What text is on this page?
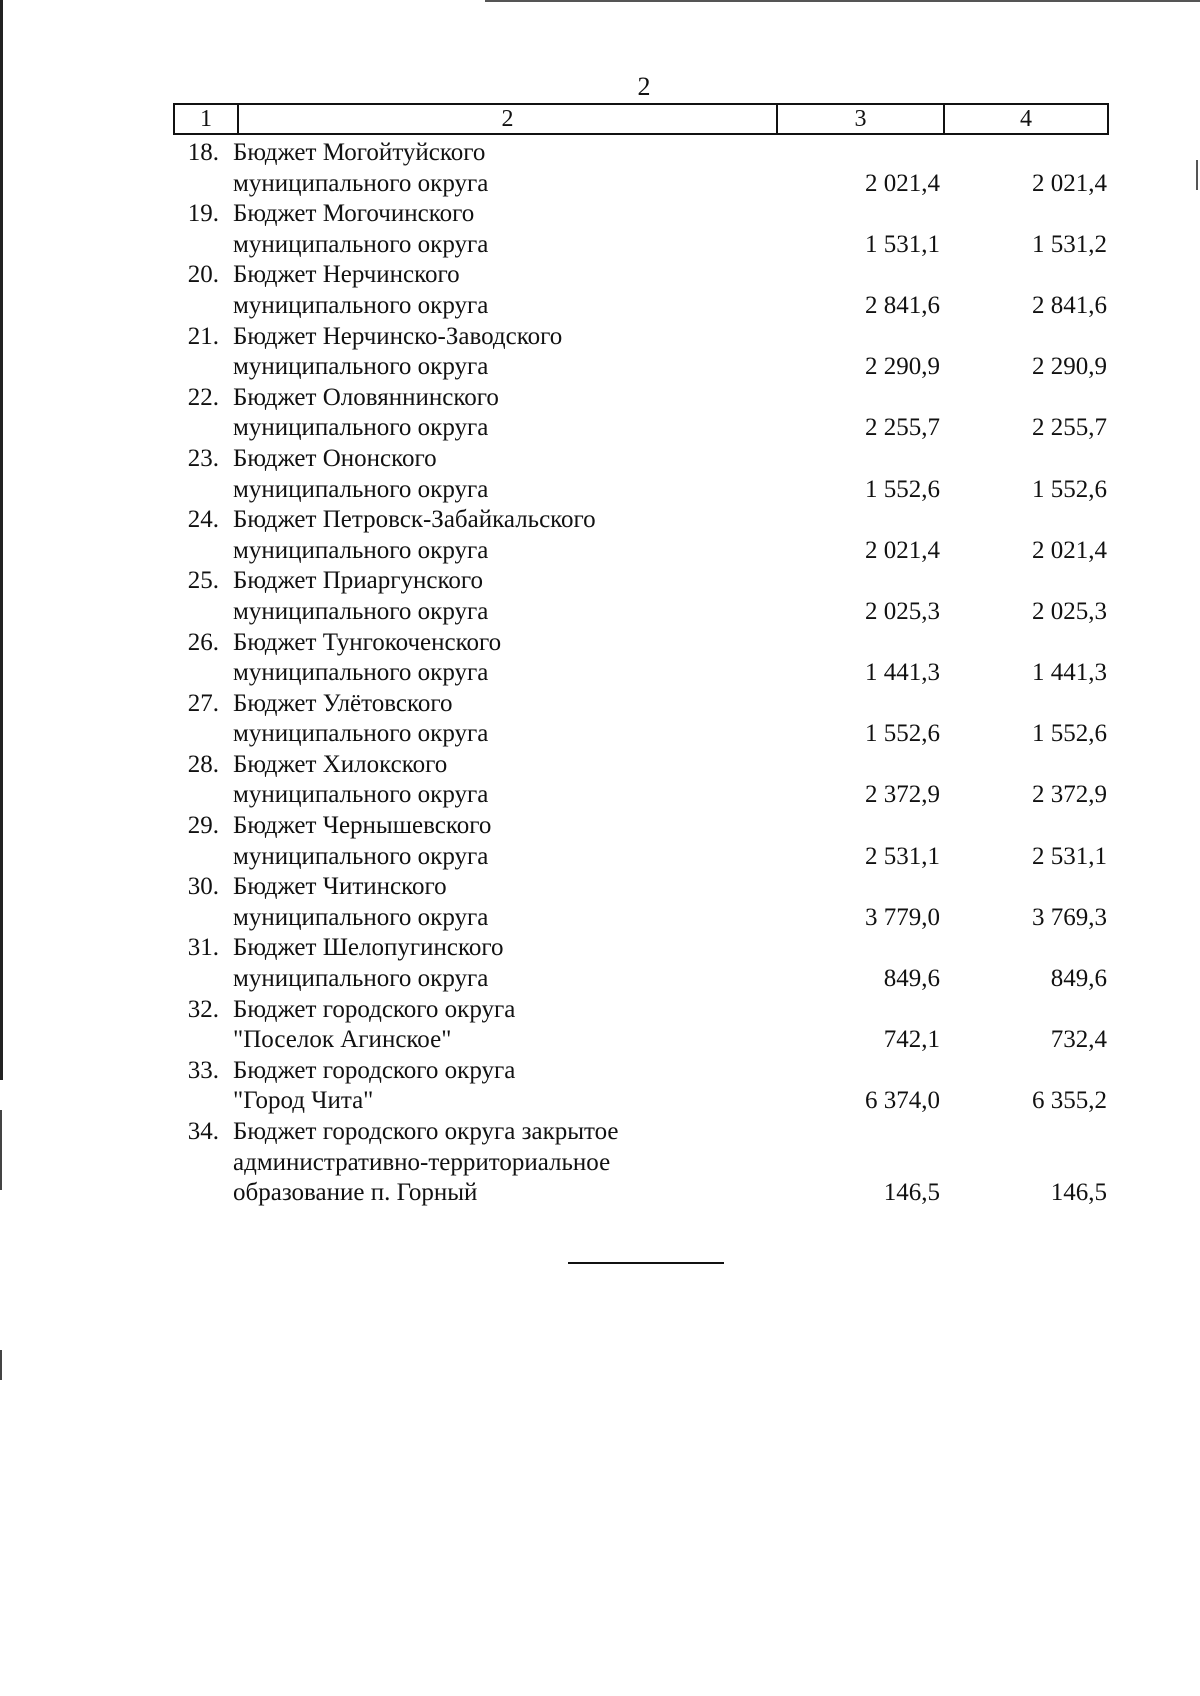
2
1	2	3	4
18. Бюджет Могойтуйского
муниципального округа	2 021,4	2 021,4
19. Бюджет Могочинского
муниципального округа	1 531,1	1 531,2
20. Бюджет Нерчинского
муниципального округа	2 841,6	2 841,6
21. Бюджет Нерчинско-Заводского
муниципального округа	2 290,9	2 290,9
22. Бюджет Оловяннинского
муниципального округа	2 255,7	2 255,7
23. Бюджет Ононского
муниципального округа	1 552,6	1 552,6
24. Бюджет Петровск-Забайкальского
муниципального округа	2 021,4	2 021,4
25. Бюджет Приаргунского
муниципального округа	2 025,3	2 025,3
26. Бюджет Тунгокоченского
муниципального округа	1 441,3	1 441,3
27. Бюджет Улётовского
муниципального округа	1 552,6	1 552,6
28. Бюджет Хилокского
муниципального округа	2 372,9	2 372,9
29. Бюджет Чернышевского
муниципального округа	2 531,1	2 531,1
30. Бюджет Читинского
муниципального округа	3 779,0	3 769,3
31. Бюджет Шелопугинского
муниципального округа	849,6	849,6
32. Бюджет городского округа
"Поселок Агинское"	742,1	732,4
33. Бюджет городского округа
"Город Чита"	6 374,0	6 355,2
34. Бюджет городского округа закрытое
административно-территориальное
образование п. Горный	146,5	146,5
